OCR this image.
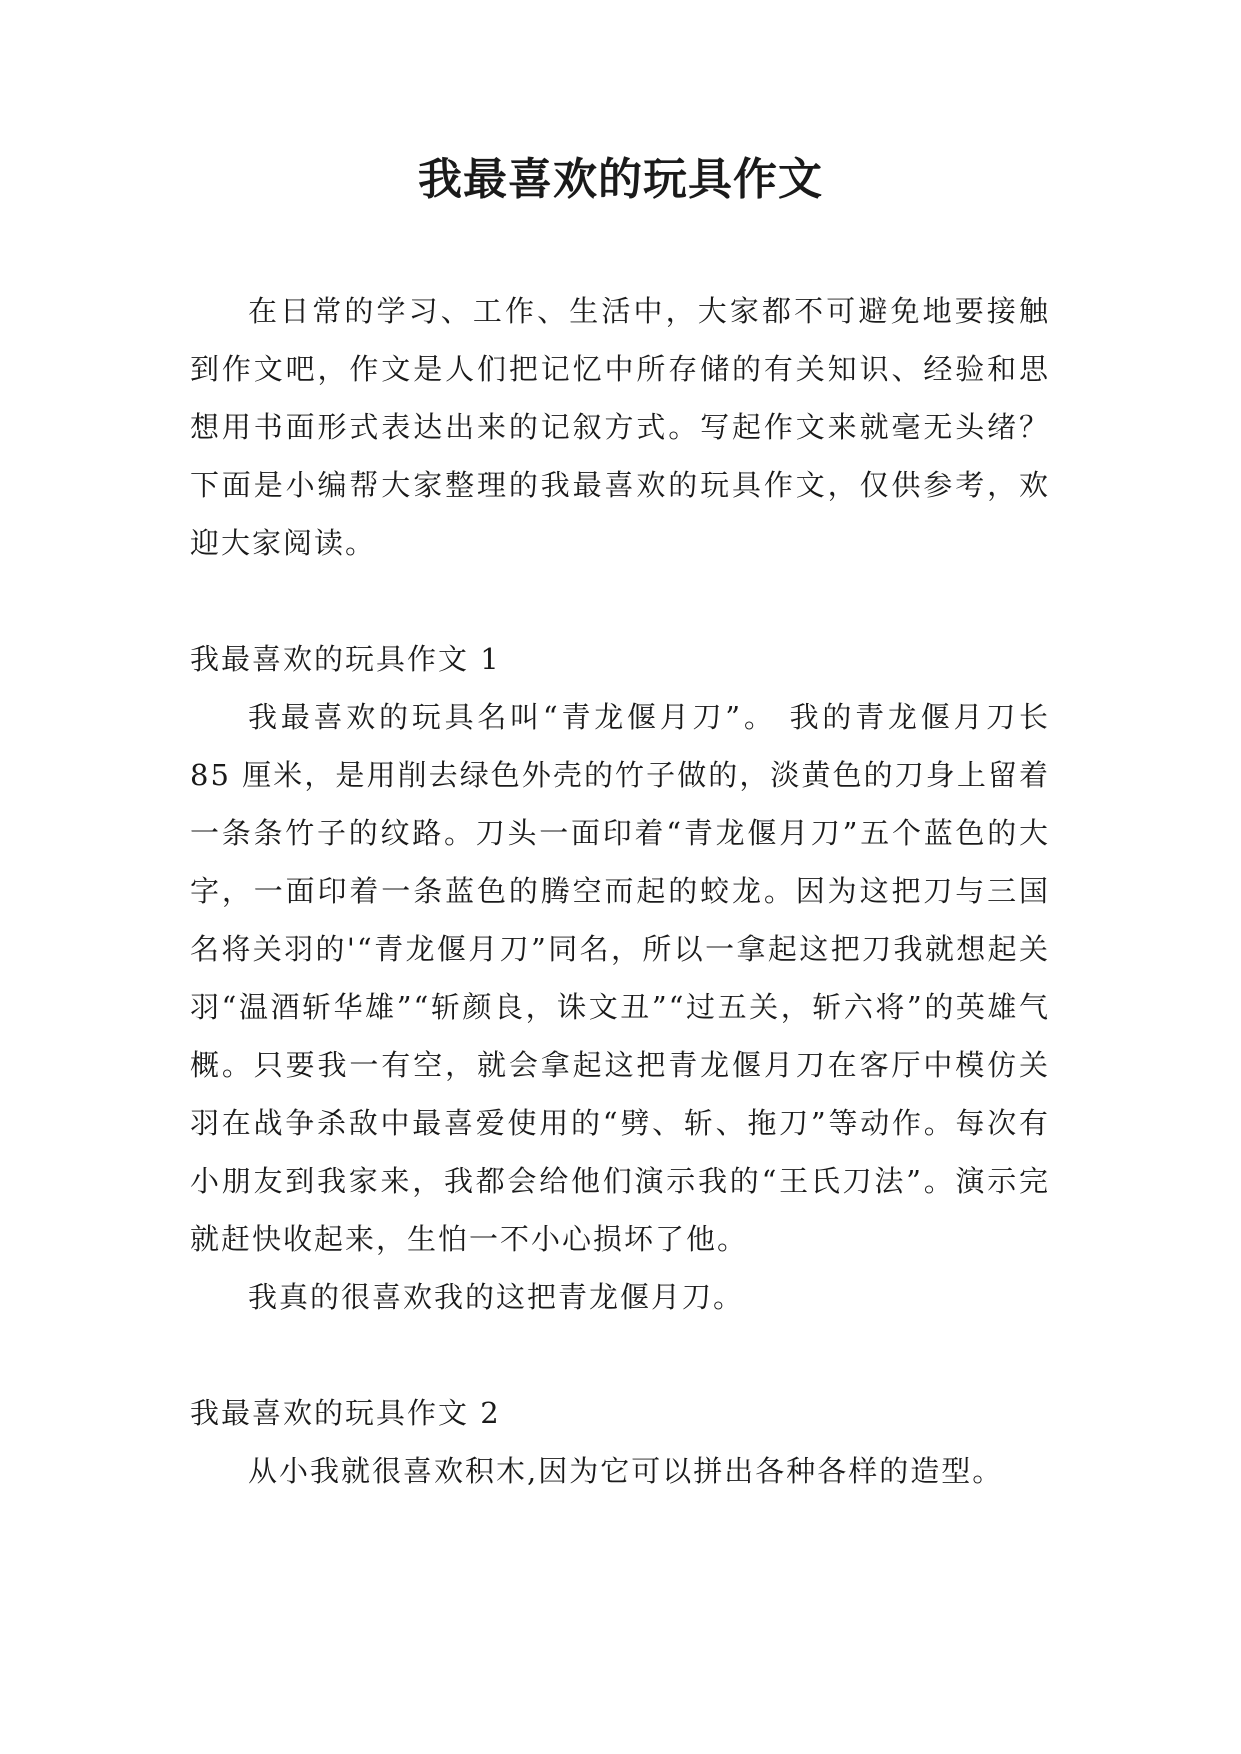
我最喜欢的玩具作文

在日常的学习、工作、生活中，大家都不可避免地要接触到作文吧，作文是人们把记忆中所存储的有关知识、经验和思想用书面形式表达出来的记叙方式。写起作文来就毫无头绪？下面是小编帮大家整理的我最喜欢的玩具作文，仅供参考，欢迎大家阅读。

我最喜欢的玩具作文 1

我最喜欢的玩具名叫“青龙偃月刀”。 我的青龙偃月刀长 85 厘米，是用削去绿色外壳的竹子做的，淡黄色的刀身上留着一条条竹子的纹路。刀头一面印着“青龙偃月刀”五个蓝色的大字，一面印着一条蓝色的腾空而起的蛟龙。因为这把刀与三国名将关羽的'“青龙偃月刀”同名，所以一拿起这把刀我就想起关羽“温酒斩华雄”“斩颜良，诛文丑”“过五关，斩六将”的英雄气概。只要我一有空，就会拿起这把青龙偃月刀在客厅中模仿关羽在战争杀敌中最喜爱使用的“劈、斩、拖刀”等动作。每次有小朋友到我家来，我都会给他们演示我的“王氏刀法”。演示完就赶快收起来，生怕一不小心损坏了他。

我真的很喜欢我的这把青龙偃月刀。

我最喜欢的玩具作文 2

从小我就很喜欢积木,因为它可以拼出各种各样的造型。
